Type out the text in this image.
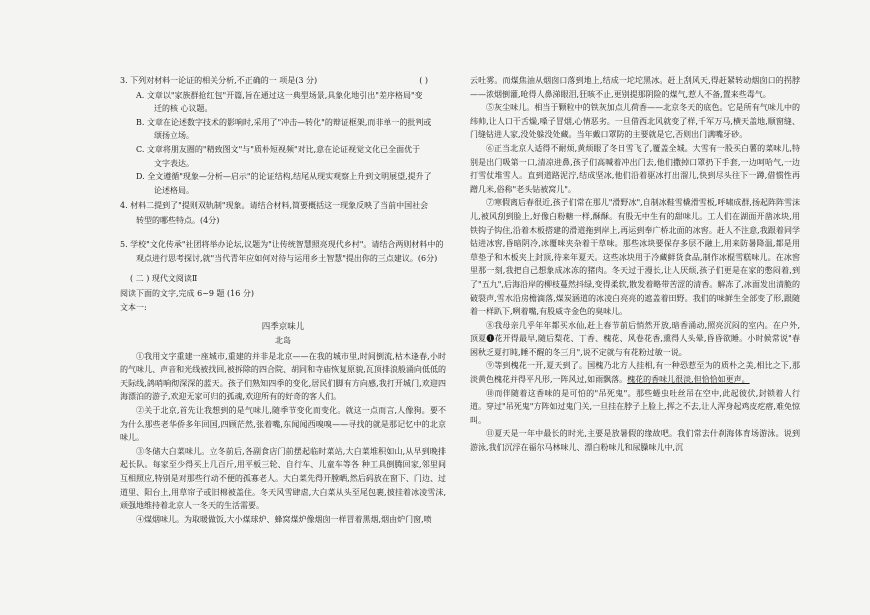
3. 下列对材料一论证的相关分析,不正确的一 项是(3 分)	( )

A. 文章以"家族群抢红包"开篇,旨在通过这一典型场景,具象化地引出"差序格局"变
迁的核 心议题。

B. 文章在论述数字技术的影响时,采用了"冲击—转化"的辩证框架,而非单一的批判或
颂扬立场。

C. 文章将朋友圈的"精致图文"与"质朴短视频"对比,意在论证视觉文化已全面优于
文字表达。

D. 全文遵循"现象—分析—启示"的论证结构,结尾从现实观察上升到文明展望,提升了
论述格局。

4. 材料二提到了"提则双轨制"现象。请结合材料,简要概括这一现象反映了当前中国社会

转型的哪些特点。(4分)

5. 学校"文化传承"社团将举办论坛,议题为"让传统智慧照亮现代乡村"。请结合两则材料中的

观点进行思考探讨,就"当代青年应如何对待与运用乡土智慧"提出你的三点建议。(6分)

( 二 ) 现代文阅读Ⅱ

阅读下面的文字,完成 6~9 题 (16 分)

文本一:

四季京味儿

北岛

①我用文字重建一座城市,重建的并非是北京——在我的城市里,时间倒流,枯木逢春,小时的气味儿、声音和光线被找回,被拆除的四合院、胡同和寺庙恢复原貌,瓦顶排浪般涌向低低的天际线,鸽哨响彻深深的蓝天。孩子们熟知四季的变化,居民们脚有方向感,我打开城门,欢迎四海漂泊的游子,欢迎无家可归的孤魂,欢迎所有的好奇的客人们。

②关于北京,首先让我想到的是气味儿,随季节变化而变化。就这一点而言,人像狗。要不为什么那些老华侨多年回国,四顾茫然,张着嘴,东闻闻西嗅嗅——寻找的就是那记忆中的北京味儿。

③冬储大白菜味儿。立冬前后,各副食店门前摆起临时菜站,大白菜堆积如山,从早到晚排起长队。每家至少得买上几百斤,用平板三轮、自行车、儿童车等各 种工具倒腾回家,邻里间互相照应,特别是对那些行动不便的孤寡老人。大白菜先得开膛晒,然后码放在窗下、门边、过道里、阳台上,用草帘子或旧棉被盖住。冬天风雪肆虐,大白菜从头至尾包裹,披挂着冰凌雪沫,顽强地维持着北京人一冬天的生活需要。

④煤烟味儿。为取暖做饭,大小煤球炉、蜂窝煤炉像烟囱一样冒着黑烟,烟由炉门窗,喷

云吐雾。而煤焦油从烟囱口落到地上,结成一坨坨黑冰。赶上刮风天,得赶紧转动烟囱口的拐脖——浓烟倒灌,呛得人鼻涕眼泪,狂咳不止,更别提那阴险的煤气,惹人不备,置来些毒气。

⑤灰尘味儿。相当于颗粒中的铁灰加点儿荷香——北京冬天的底色。它是所有气味儿中的纬帅,让人口干舌燥,嗓子冒烟,心情恶劣。一旦借西北风就变了样,千军万马,横天盖地,顺窗缝、门缝钻进人家,没处躲没处藏。当年戴口罩防的主要就是它,否则出门满嘴牙砂。

⑥正当北京人适得不耐烦,黄烦眼了冬日雪飞了,覆盖全城。大雪有一股买白薯的菜味儿,特别是出门吸第一口,清凉进鼻,孩子们高喊着冲出门去,他们撒掉口罩扔下手套,一边呵哈气,一边打雪仗堆雪人。直到道路泥泞,结成坚冰,他们沿着驱冰打出溜儿,快到尽头往下一蹲,借惯性再蹭几米,俗称"老头钻被窝儿"。

⑦寒假离后春很近,孩子们常在那儿"滑野冰",自制冰鞋雪橇滑雪板,呼啸成群,扬起阵阵雪沫儿,被风刮到脸上,好像白粉糖一样,酥酥。有股无中生有的甜味儿。工人们在湖面开凿冰块,用铁钩子钩住,沿着木板搭建的滑道拖到岸上,再运到奉广桥北面的冰窖。赶人不注意,我跟着同学钻进冰窖,昏暗阴冷,冰覆味夹杂着干草味。那些冰块要保存多层不融上,用来防暑降温,都是用草垫子和木板夹上封顶,待来年夏天。这些冰块用于冷藏鲜货食品,制作冰棍雪糕味儿。在冰窖里那一刻,我把自己想象成冰冻的猪肉。冬天过于漫长,让人厌烦,孩子们更是在家的憋闷着,到了"五九",后海沿岸的柳枝蔓然抖绿,变得柔软,散发着略带苦涩的清香。解冻了,冰面发出清脆的破裂声,雪水沿房檐滴落,煤炭涵道的冰凌白亮亮的遮盖着田野。我们的味鲜生全部变了形,跟随着一样趴下,咧着嘴,有股威寺金色的臭味儿。

⑧我母亲几乎年年都买水仙,赶上春节前后悄然开放,暗香涌动,照亮沉闷的室内。在户外,顶夏❶花开得最早,随后梨花、丁香、槐花、风卷花香,熏得人头晕,昏昏欲睡。小时候常说"春困秋乏夏打盹,睡不醒的冬三月",说不定就与有花粉过敏一说。

⑨等到槐花一开,夏天到了。国槐乃北方人挂相,有一种恐惹至为的质朴之美,相比之下,那淡黄色槐花并得平凡形,一阵风过,如雨飘落。槐花的香味儿很淡,但恰恰如更声。

⑩而伴随着这香味的是可怕的"吊死鬼"。那些蜷虫吐丝吊在空中,此起彼伏,封锁着人行道。穿过"吊死鬼"方阵如过鬼门关,一旦挂在脖子上脸上,挥之不去,让人浑身起鸡皮疙瘩,难免惊叫。

⑪夏天是一年中最长的时光,主要是放暑假的缘故吧。我们常去什刹海体育场游泳。说到游泳,我们沉浮在福尔马林味儿、漂白粉味儿和尿臊味儿中,沉
